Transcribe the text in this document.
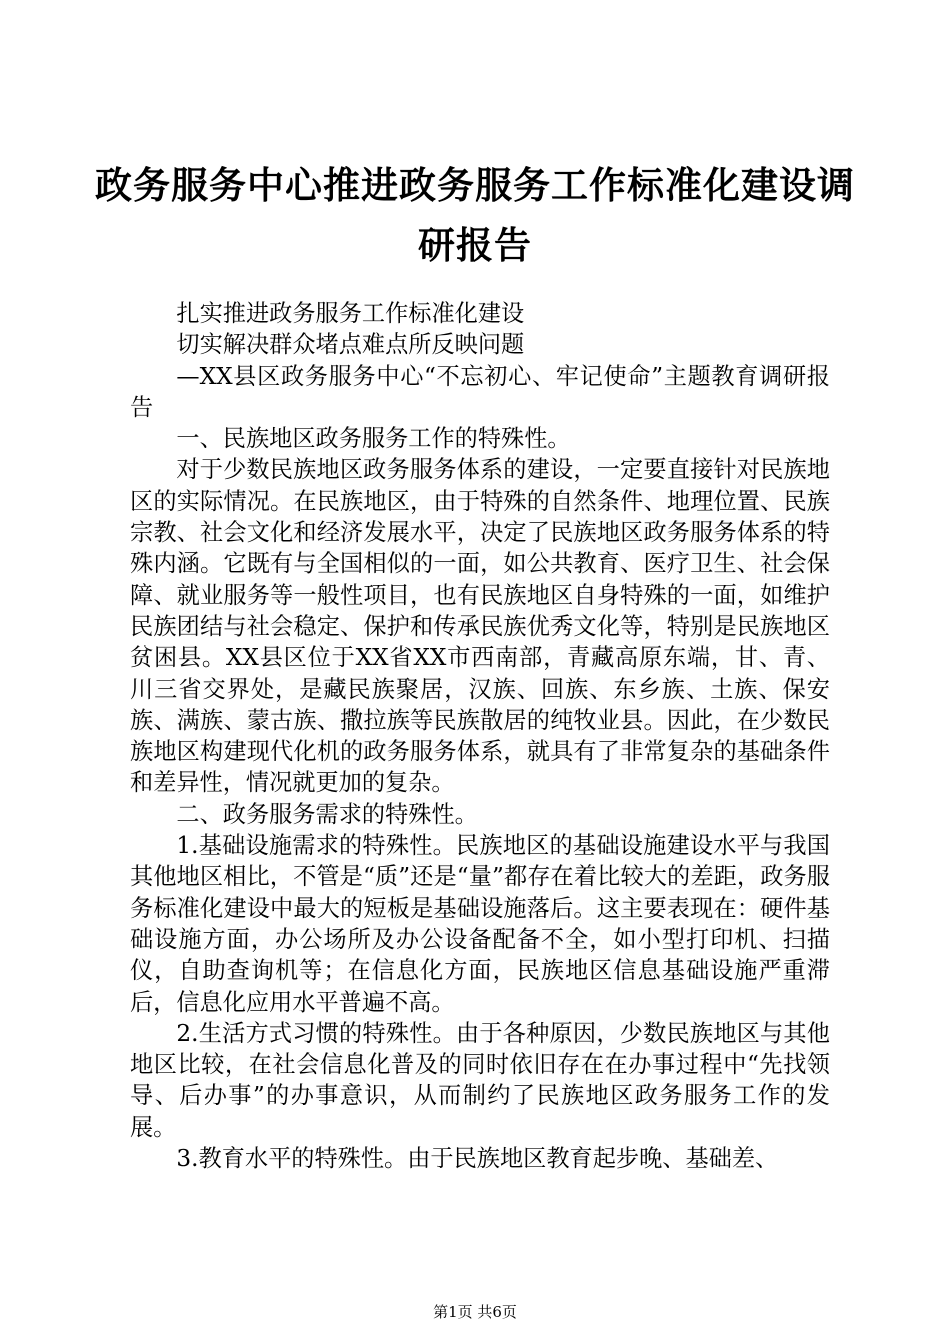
政务服务中心推进政务服务工作标准化建设调研报告

扎实推进政务服务工作标准化建设

切实解决群众堵点难点所反映问题

—XX县区政务服务中心“不忘初心、牢记使命”主题教育调研报告

一、民族地区政务服务工作的特殊性。

对于少数民族地区政务服务体系的建设，一定要直接针对民族地区的实际情况。在民族地区，由于特殊的自然条件、地理位置、民族宗教、社会文化和经济发展水平，决定了民族地区政务服务体系的特殊内涵。它既有与全国相似的一面，如公共教育、医疗卫生、社会保障、就业服务等一般性项目，也有民族地区自身特殊的一面，如维护民族团结与社会稳定、保护和传承民族优秀文化等，特别是民族地区贫困县。XX县区位于XX省XX市西南部，青藏高原东端，甘、青、川三省交界处，是藏民族聚居，汉族、回族、东乡族、土族、保安族、满族、蒙古族、撒拉族等民族散居的纯牧业县。因此，在少数民族地区构建现代化机的政务服务体系，就具有了非常复杂的基础条件和差异性，情况就更加的复杂。

二、政务服务需求的特殊性。

1.基础设施需求的特殊性。民族地区的基础设施建设水平与我国其他地区相比，不管是“质”还是“量”都存在着比较大的差距，政务服务标准化建设中最大的短板是基础设施落后。这主要表现在：硬件基础设施方面，办公场所及办公设备配备不全，如小型打印机、扫描仪，自助查询机等；在信息化方面，民族地区信息基础设施严重滞后，信息化应用水平普遍不高。

2.生活方式习惯的特殊性。由于各种原因，少数民族地区与其他地区比较，在社会信息化普及的同时依旧存在在办事过程中“先找领导、后办事”的办事意识，从而制约了民族地区政务服务工作的发展。

3.教育水平的特殊性。由于民族地区教育起步晚、基础差、

第1页 共6页
